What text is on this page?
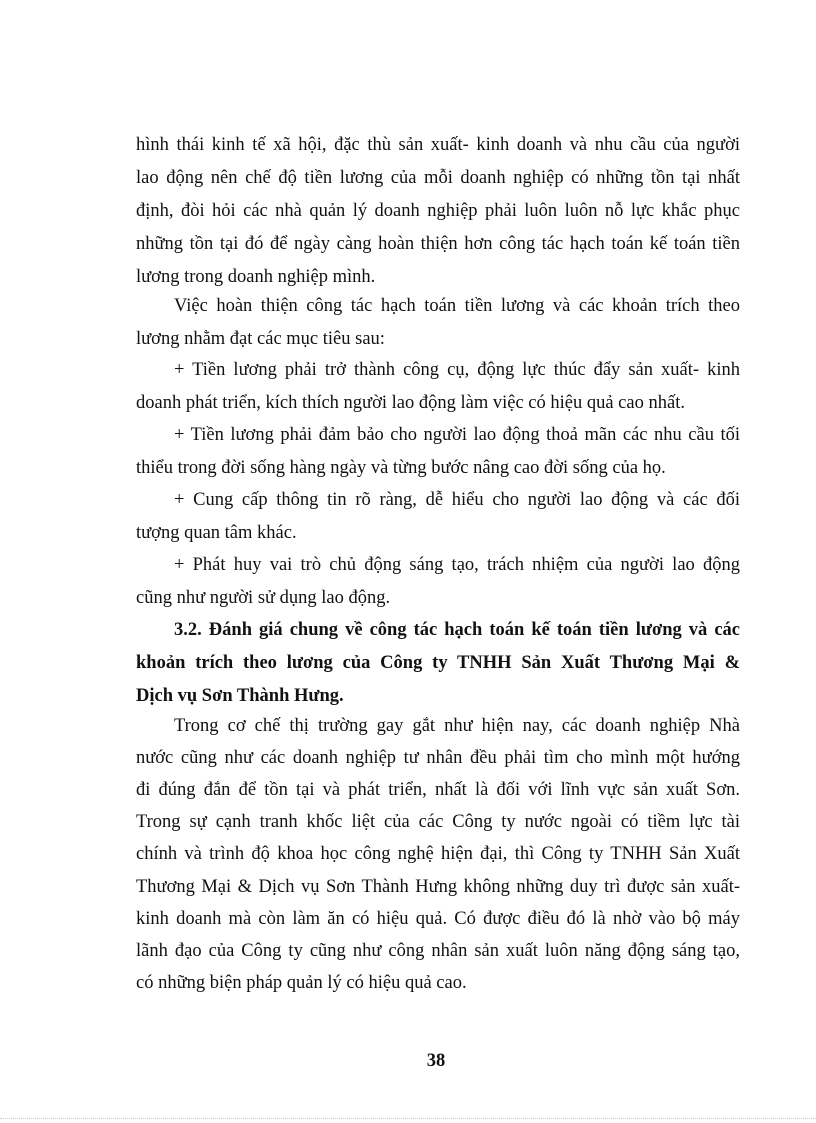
hình thái kinh tế xã hội, đặc thù sản xuất- kinh doanh và nhu cầu của người
lao động nên chế độ tiền lương của mỗi doanh nghiệp có những tồn tại nhất
định, đòi hỏi các nhà quản lý doanh nghiệp phải luôn luôn nỗ lực khắc phục
những tồn tại đó để ngày càng hoàn thiện hơn công tác hạch toán kế toán tiền
lương trong doanh nghiệp mình.
Việc hoàn thiện công tác hạch toán tiền lương và các khoản trích theo
lương nhằm đạt các mục tiêu sau:
+ Tiền lương phải trở thành công cụ, động lực thúc đẩy sản xuất- kinh
doanh phát triển, kích thích người lao động làm việc có hiệu quả cao nhất.
+ Tiền lương phải đảm bảo cho người lao động thoả mãn các nhu cầu tối
thiểu trong đời sống hàng ngày và từng bước nâng cao đời sống của họ.
+ Cung cấp thông tin rõ ràng, dễ hiểu cho người lao động và các đối
tượng quan tâm khác.
+ Phát huy vai trò chủ động sáng tạo, trách nhiệm của người lao động
cũng như người sử dụng lao động.
3.2. Đánh giá chung về công tác hạch toán kế toán tiền lương và các
khoản trích theo lương của Công ty TNHH Sản Xuất Thương Mại &
Dịch vụ Sơn Thành Hưng.
Trong cơ chế thị trường gay gắt như hiện nay, các doanh nghiệp Nhà
nước cũng như các doanh nghiệp tư nhân đều phải tìm cho mình một hướng
đi đúng đắn để tồn tại và phát triển, nhất là đối với lĩnh vực sản xuất Sơn.
Trong sự cạnh tranh khốc liệt của các Công ty nước ngoài có tiềm lực tài
chính và trình độ khoa học công nghệ hiện đại, thì Công ty TNHH Sản Xuất
Thương Mại & Dịch vụ Sơn Thành Hưng không những duy trì được sản xuất-
kinh doanh mà còn làm ăn có hiệu quả. Có được điều đó là nhờ vào bộ máy
lãnh đạo của Công ty cũng như công nhân sản xuất luôn năng động sáng tạo,
có những biện pháp quản lý có hiệu quả cao.
38
